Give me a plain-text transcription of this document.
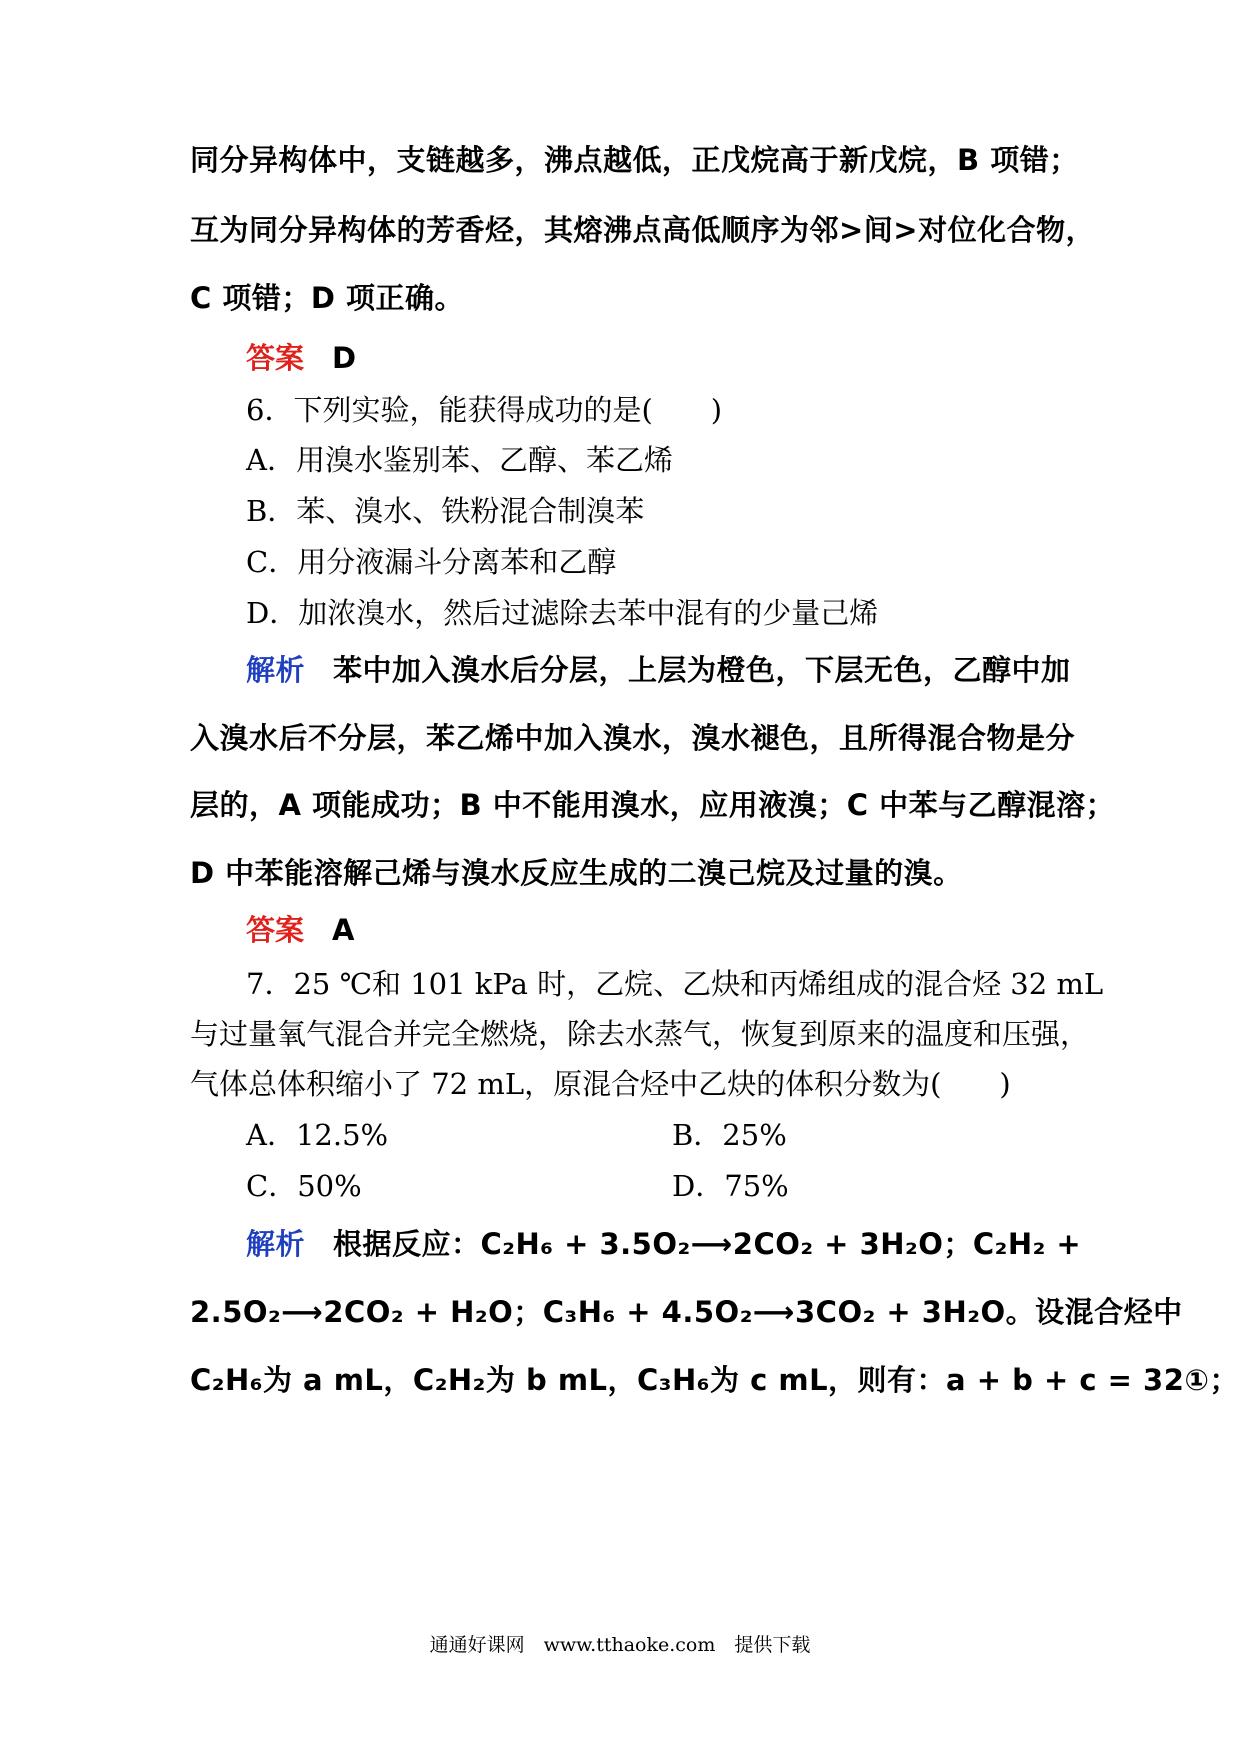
同分异构体中，支链越多，沸点越低，正戊烷高于新戊烷，B 项错；
互为同分异构体的芳香烃，其熔沸点高低顺序为邻>间>对位化合物，
C 项错；D 项正确。
答案 D
6．下列实验，能获得成功的是(　　)
A．用溴水鉴别苯、乙醇、苯乙烯
B．苯、溴水、铁粉混合制溴苯
C．用分液漏斗分离苯和乙醇
D．加浓溴水，然后过滤除去苯中混有的少量己烯
解析 苯中加入溴水后分层，上层为橙色，下层无色，乙醇中加
入溴水后不分层，苯乙烯中加入溴水，溴水褪色，且所得混合物是分
层的，A 项能成功；B 中不能用溴水，应用液溴；C 中苯与乙醇混溶；
D 中苯能溶解己烯与溴水反应生成的二溴己烷及过量的溴。
答案 A
7．25 ℃和 101 kPa 时，乙烷、乙炔和丙烯组成的混合烃 32 mL
与过量氧气混合并完全燃烧，除去水蒸气，恢复到原来的温度和压强，
气体总体积缩小了 72 mL，原混合烃中乙炔的体积分数为(　　)
A．12.5%	B．25%
C．50%	D．75%
解析 根据反应：C₂H₆ + 3.5O₂⟶2CO₂ + 3H₂O；C₂H₂ +
2.5O₂⟶2CO₂ + H₂O；C₃H₆ + 4.5O₂⟶3CO₂ + 3H₂O。设混合烃中
C₂H₆为 a mL，C₂H₂为 b mL，C₃H₆为 c mL，则有：a + b + c = 32①；
通通好课网　www.tthaoke.com　提供下载
